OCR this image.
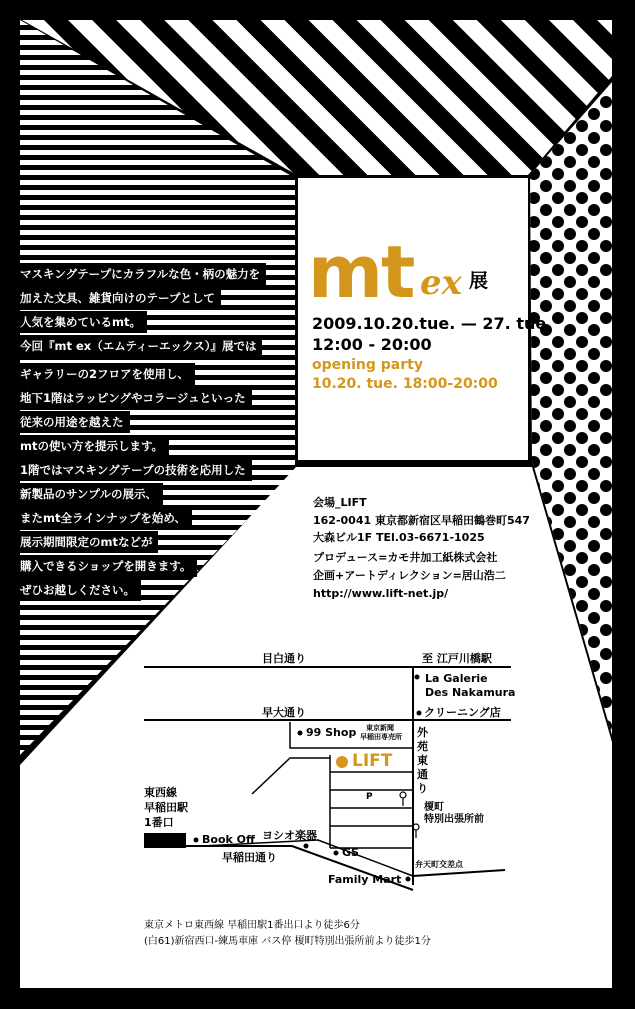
マスキングテープにカラフルな色・柄の魅力を
加えた文具、雑貨向けのテープとして
人気を集めているmt。
今回『mt ex（エムティーエックス）』展では
ギャラリーの2フロアを使用し、
地下1階はラッピングやコラージュといった
従来の用途を越えた
mtの使い方を提示します。
1階ではマスキングテープの技術を応用した
新製品のサンプルの展示、
またmt全ラインナップを始め、
展示期間限定のmtなどが
購入できるショップを開きます。
ぜひお越しください。
mt ex 展
2009.10.20.tue. — 27. tue.
12:00 - 20:00
opening party
10.20. tue. 18:00-20:00
会場_LIFT
162-0041 東京都新宿区早稲田鶴巻町547
大森ビル1F TEl.03-6671-1025
プロデュース=カモ井加工紙株式会社
企画+アートディレクション=居山浩二
http://www.lift-net.jp/
目白通り	至 江戸川橋駅
La Galerie
Des Nakamura
早大通り	クリーニング店
99 Shop 東京新聞
早稲田専売所
LIFT
外
苑
東
通
り
P
榎町
特別出張所前
東西線
早稲田駅
1番口
Book Off ヨシオ楽器
早稲田通り	GS
弁天町交差点
Family Mart
東京メトロ東西線 早稲田駅1番出口より徒歩6分
(白61)新宿西口-練馬車庫 バス停 榎町特別出張所前より徒歩1分
